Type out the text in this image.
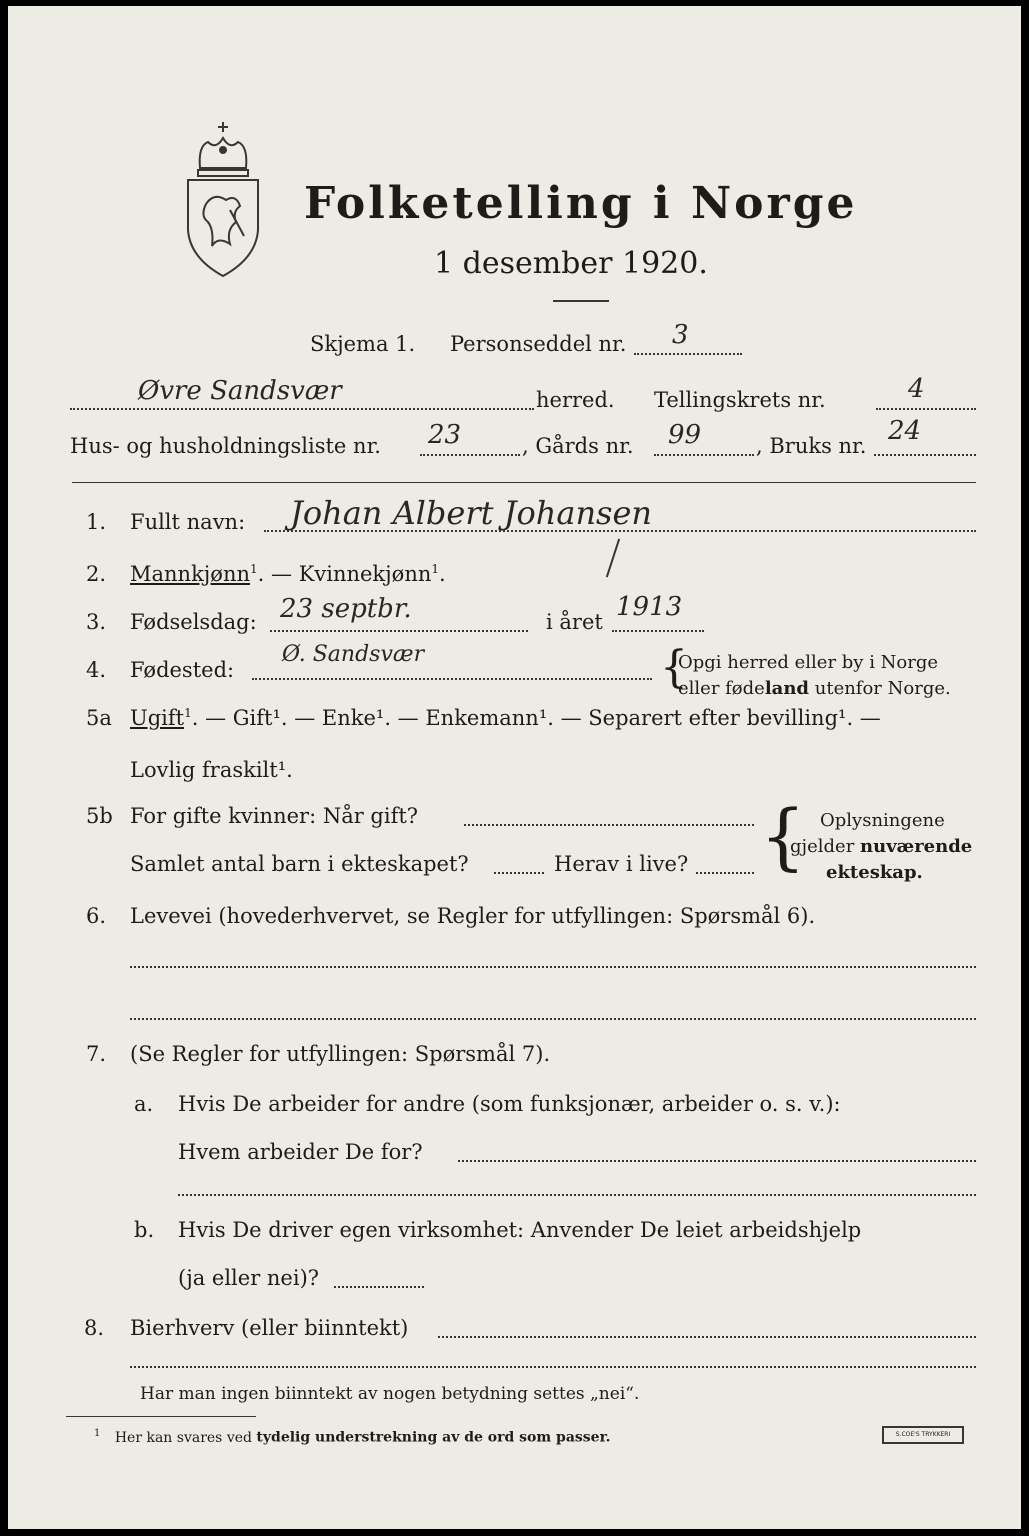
Folketelling i Norge
1 desember 1920.
Skjema 1. Personseddel nr. 3
Øvre Sandsvær	herred. Tellingskrets nr.	4
Hus- og husholdningsliste nr. 23	, Gårds nr. 99	, Bruks nr. 24
1. Fullt navn: Johan Albert Johansen
2. Mannkjønn$^1$. — Kvinnekjønn$^1$.
3. Fødselsdag: 23 septbr.	i året 1913
4. Fødested:
Ø. Sandsvær	{
Opgi herred eller by i Norge
eller fødeland utenfor Norge.
5a Ugift$^1$. — Gift¹. — Enke¹. — Enkemann¹. — Separert efter bevilling¹. —
Lovlig fraskilt¹.
5b For gifte kvinner: Når gift?
Samlet antal barn i ekteskapet?	Herav i live? { Oplysningene
gjelder nuværende
ekteskap.
6. Levevei (hovederhvervet, se Regler for utfyllingen: Spørsmål 6).
7. (Se Regler for utfyllingen: Spørsmål 7).
a. Hvis De arbeider for andre (som funksjonær, arbeider o. s. v.):
Hvem arbeider De for?
b. Hvis De driver egen virksomhet: Anvender De leiet arbeidshjelp
(ja eller nei)?
8. Bierhverv (eller biinntekt)
Har man ingen biinntekt av nogen betydning settes „nei“.
$^1$ Her kan svares ved tydelig understrekning av de ord som passer.	S.COE'S TRYKKERI
